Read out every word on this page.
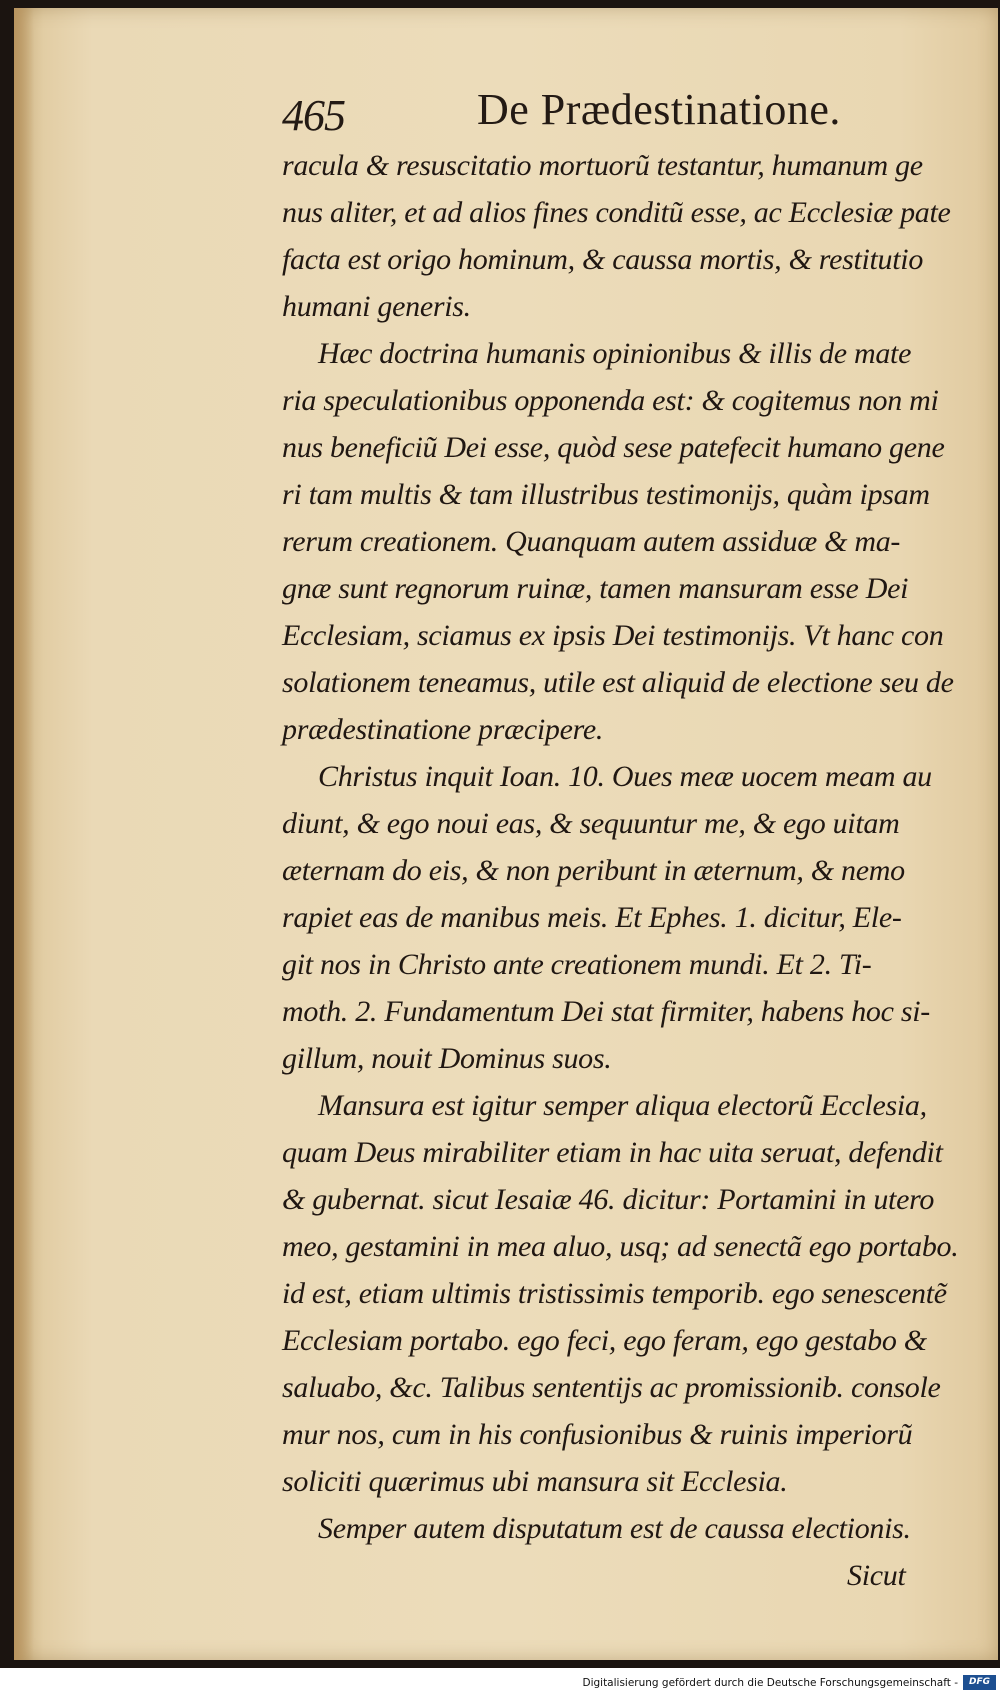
465	De Prædestinatione.
racula & resuscitatio mortuorũ testantur, humanum ge
nus aliter, et ad alios fines conditũ esse, ac Ecclesiæ pate
facta est origo hominum, & caussa mortis, & restitutio
humani generis.
Hæc doctrina humanis opinionibus & illis de mate
ria speculationibus opponenda est: & cogitemus non mi
nus beneficiũ Dei esse, quòd sese patefecit humano gene
ri tam multis & tam illustribus testimonijs, quàm ipsam
rerum creationem. Quanquam autem assiduæ & ma-
gnæ sunt regnorum ruinæ, tamen mansuram esse Dei
Ecclesiam, sciamus ex ipsis Dei testimonijs. Vt hanc con
solationem teneamus, utile est aliquid de electione seu de
prædestinatione præcipere.
Christus inquit Ioan. 10. Oues meæ uocem meam au
diunt, & ego noui eas, & sequuntur me, & ego uitam
æternam do eis, & non peribunt in æternum, & nemo
rapiet eas de manibus meis. Et Ephes. 1. dicitur, Ele-
git nos in Christo ante creationem mundi. Et 2. Ti-
moth. 2. Fundamentum Dei stat firmiter, habens hoc si-
gillum, nouit Dominus suos.
Mansura est igitur semper aliqua electorũ Ecclesia,
quam Deus mirabiliter etiam in hac uita seruat, defendit
& gubernat. sicut Iesaiæ 46. dicitur: Portamini in utero
meo, gestamini in mea aluo, usq; ad senectã ego portabo.
id est, etiam ultimis tristissimis temporib. ego senescentẽ
Ecclesiam portabo. ego feci, ego feram, ego gestabo &
saluabo, &c. Talibus sententijs ac promissionib. console
mur nos, cum in his confusionibus & ruinis imperiorũ
soliciti quærimus ubi mansura sit Ecclesia.
Semper autem disputatum est de caussa electionis.
Sicut
Digitalisierung gefördert durch die Deutsche Forschungsgemeinschaft -	DFG
